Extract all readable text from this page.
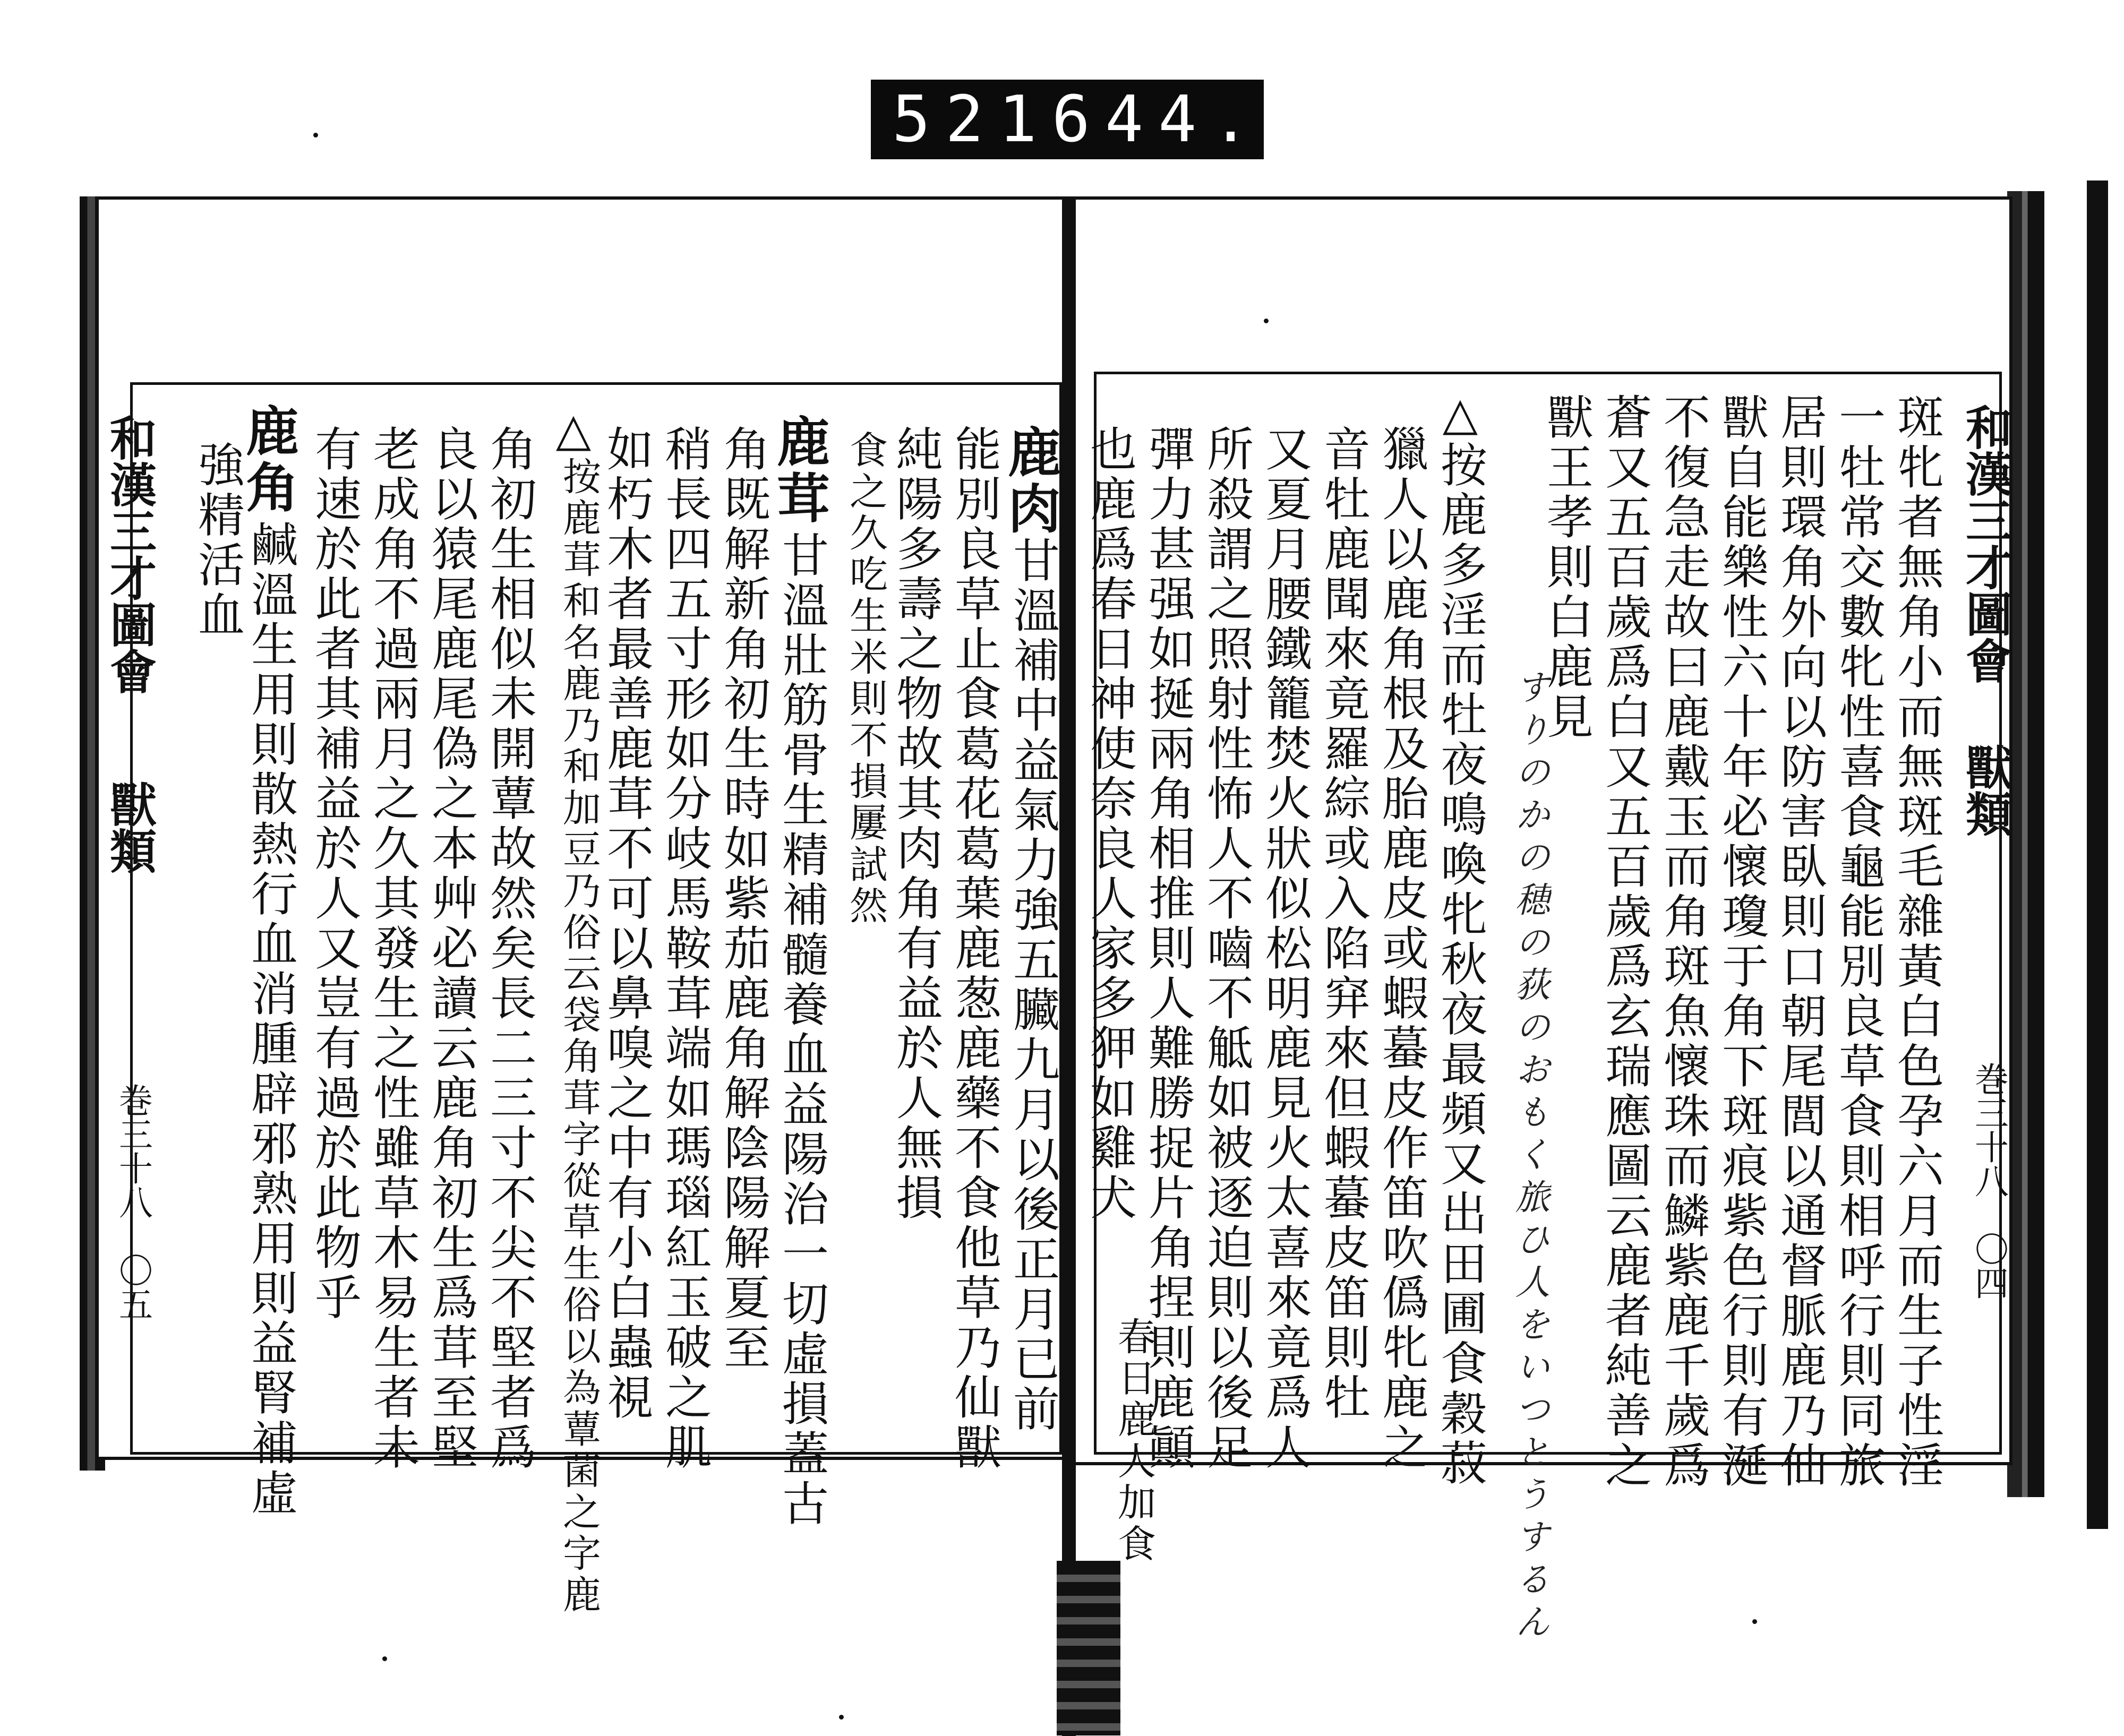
521 644.
和漢三才圖會
獸類
巻三十八　〇五
和漢三才圖會
獸類
巻三十八　〇四
鹿肉
甘溫補中益氣力強五臟九月以後正月已前
能別良草止食葛花葛葉鹿葱鹿藥不食他草乃仙獸
純陽多壽之物故其肉角有益於人無損
食之久吃生米則不損屢試然
鹿茸
甘溫壯筋骨生精補髓養血益陽治一切虛損蓋古
角既解新角初生時如紫茄鹿角解陰陽解夏至
稍長四五寸形如分岐馬鞍茸端如瑪瑙紅玉破之肌
如朽木者最善鹿茸不可以鼻嗅之中有小白蟲視
△
按鹿茸和名鹿乃和加豆乃俗云袋角茸字從草生俗以為蕈菌之字鹿
角初生相似未開蕈故然矣長二三寸不尖不堅者爲
良以猿尾鹿尾偽之本艸必讀云鹿角初生爲茸至堅
老成角不過兩月之久其發生之性雖草木易生者未
有速於此者其補益於人又豈有過於此物乎
鹿角
鹹溫生用則散熱行血消腫辟邪熟用則益腎補虛
強精活血	斑牝者無角小而無斑毛雜黃白色孕六月而生子性淫
一牡常交數牝性喜食龜能別良草食則相呼行則同旅
居則環角外向以防害臥則口朝尾閭以通督脈鹿乃仙
獸自能樂性六十年必懷瓊于角下斑痕紫色行則有涎
不復急走故曰鹿戴玉而角斑魚懷珠而鱗紫鹿千歲爲
蒼又五百歲爲白又五百歲爲玄瑞應圖云鹿者純善之
獸王孝則白鹿見
すりのかの穂の荻のおもく旅ひ人をいつとうするん
△
按鹿多淫而牡夜鳴喚牝秋夜最頻又出田圃食穀菽
獵人以鹿角根及胎鹿皮或蝦蟇皮作笛吹僞牝鹿之
音牡鹿聞來竟羅綜或入陷穽來但蝦蟇皮笛則牡
又夏月腰鐵籠焚火狀似松明鹿見火太喜來竟爲人
所殺謂之照射性怖人不嚙不觝如被逐迫則以後足
彈力甚强如挻兩角相推則人難勝捉片角捏則鹿顚
也鹿爲春日神使奈良人家多狎如雞犬
春日鹿人加食
